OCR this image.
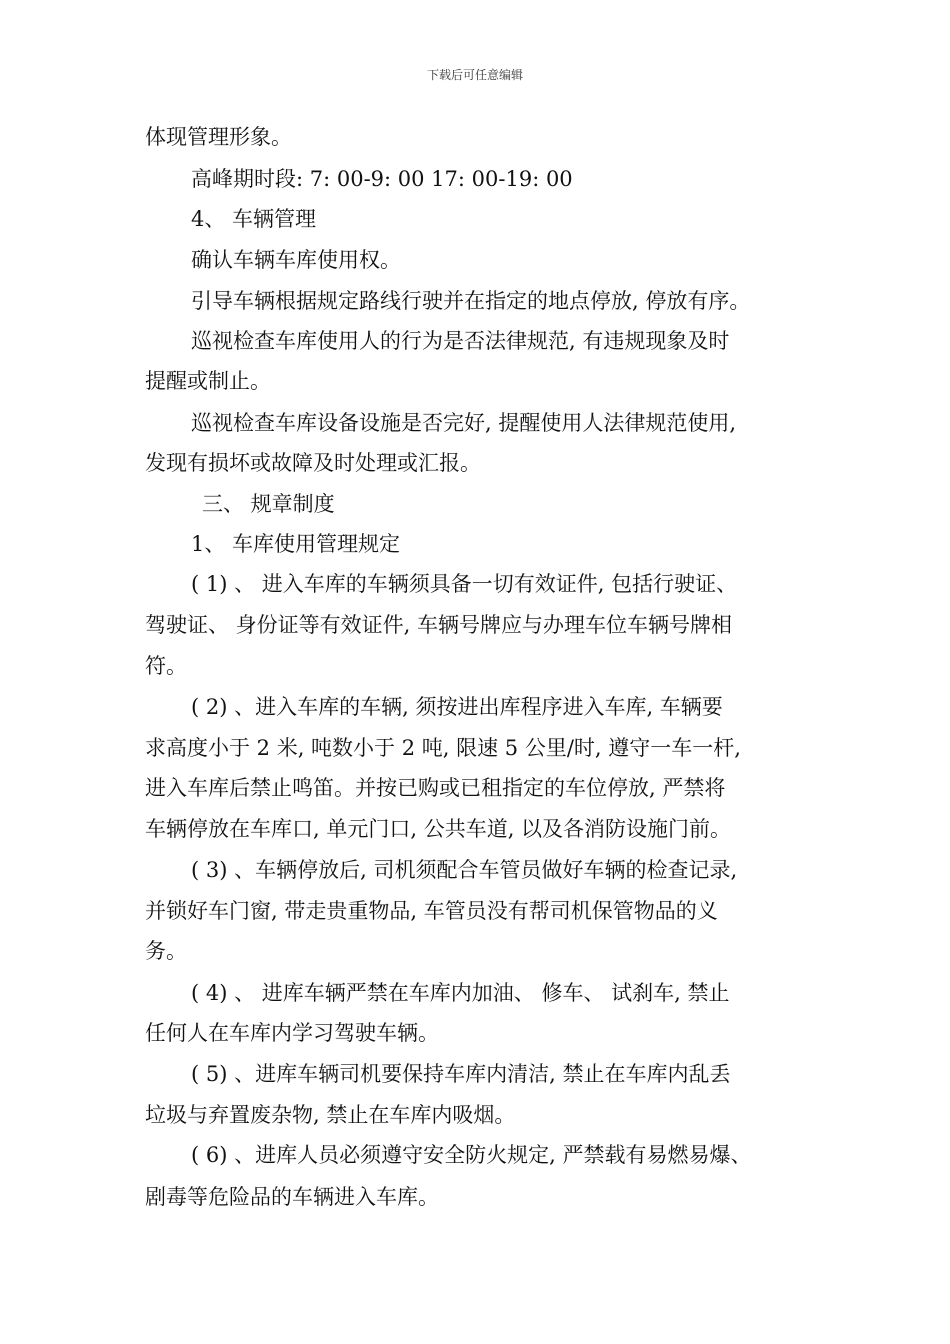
下载后可任意编辑
体现管理形象。
高峰期时段: 7: 00-9: 00 17: 00-19: 00
4、 车辆管理
确认车辆车库使用权。
引导车辆根据规定路线行驶并在指定的地点停放, 停放有序。
巡视检查车库使用人的行为是否法律规范, 有违规现象及时
提醒或制止。
巡视检查车库设备设施是否完好, 提醒使用人法律规范使用,
发现有损坏或故障及时处理或汇报。
三、 规章制度
1、 车库使用管理规定
( 1) 、 进入车库的车辆须具备一切有效证件, 包括行驶证、
驾驶证、 身份证等有效证件, 车辆号牌应与办理车位车辆号牌相
符。
( 2) 、进入车库的车辆, 须按进出库程序进入车库, 车辆要
求高度小于 2 米, 吨数小于 2 吨, 限速 5 公里/时, 遵守一车一杆,
进入车库后禁止鸣笛。并按已购或已租指定的车位停放, 严禁将
车辆停放在车库口, 单元门口, 公共车道, 以及各消防设施门前。
( 3) 、车辆停放后, 司机须配合车管员做好车辆的检查记录,
并锁好车门窗, 带走贵重物品, 车管员没有帮司机保管物品的义
务。
( 4) 、 进库车辆严禁在车库内加油、 修车、 试刹车, 禁止
任何人在车库内学习驾驶车辆。
( 5) 、进库车辆司机要保持车库内清洁, 禁止在车库内乱丢
垃圾与弃置废杂物, 禁止在车库内吸烟。
( 6) 、进库人员必须遵守安全防火规定, 严禁载有易燃易爆、
剧毒等危险品的车辆进入车库。
